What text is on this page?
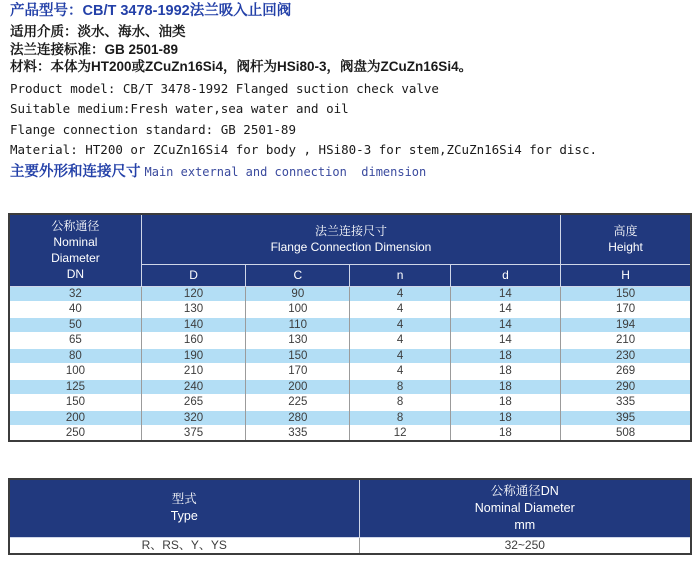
产品型号：CB/T 3478-1992法兰吸入止回阀
适用介质：淡水、海水、油类
法兰连接标准：GB 2501-89
材料：本体为HT200或ZCuZn16Si4，阀杆为HSi80-3，阀盘为ZCuZn16Si4。
Product model: CB/T 3478-1992 Flanged suction check valve
Suitable medium:Fresh water,sea water and oil
Flange connection standard: GB 2501-89
Material: HT200 or ZCuZn16Si4 for body , HSi80-3 for stem,ZCuZn16Si4 for disc.
主要外形和连接尺寸 Main external and connection  dimension
公称通径
Nominal
Diameter
DN	法兰连接尺寸
Flange Connection Dimension				高度
Height

	D	C	n	d	H
32	120	90	4	14	150
40	130	100	4	14	170
50	140	110	4	14	194
65	160	130	4	14	210
80	190	150	4	18	230
100	210	170	4	18	269
125	240	200	8	18	290
150	265	225	8	18	335
200	320	280	8	18	395
250	375	335	12	18	508
型式
Type	公称通径DN
Nominal Diameter
mm

R、RS、Y、YS	32~250
